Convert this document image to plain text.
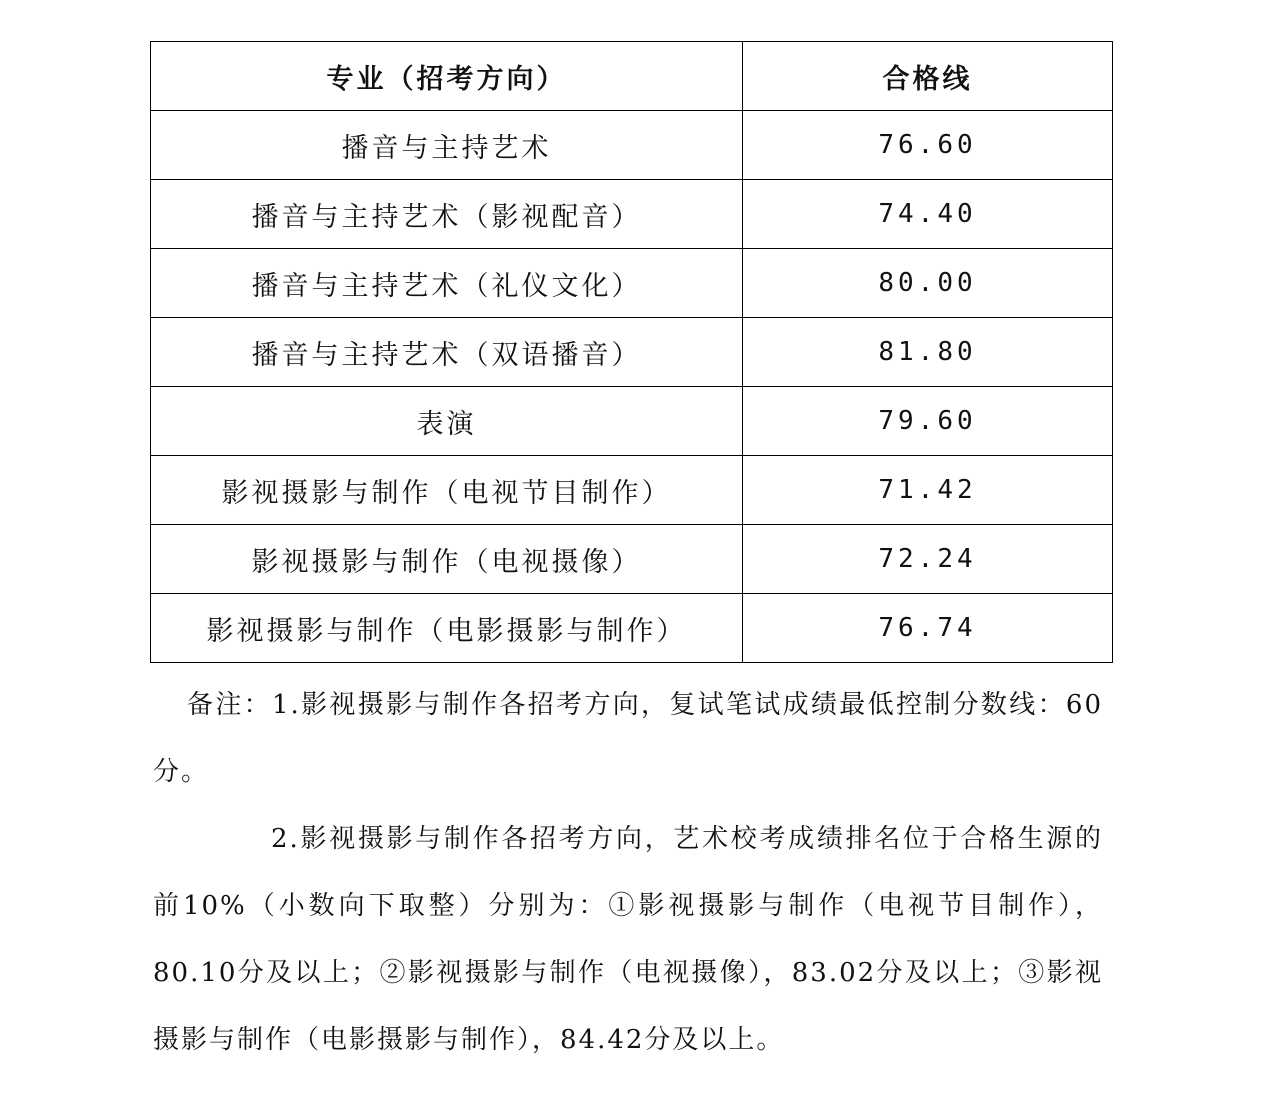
专业（招考方向）	合格线
播音与主持艺术	76.60
播音与主持艺术（影视配音）	74.40
播音与主持艺术（礼仪文化）	80.00
播音与主持艺术（双语播音）	81.80
表演	79.60
影视摄影与制作（电视节目制作）	71.42
影视摄影与制作（电视摄像）	72.24
影视摄影与制作（电影摄影与制作）	76.74

备注：1.影视摄影与制作各招考方向，复试笔试成绩最低控制分数线：60分。

2.影视摄影与制作各招考方向，艺术校考成绩排名位于合格生源的前10%（小数向下取整）分别为：①影视摄影与制作（电视节目制作），80.10分及以上；②影视摄影与制作（电视摄像），83.02分及以上；③影视摄影与制作（电影摄影与制作），84.42分及以上。
